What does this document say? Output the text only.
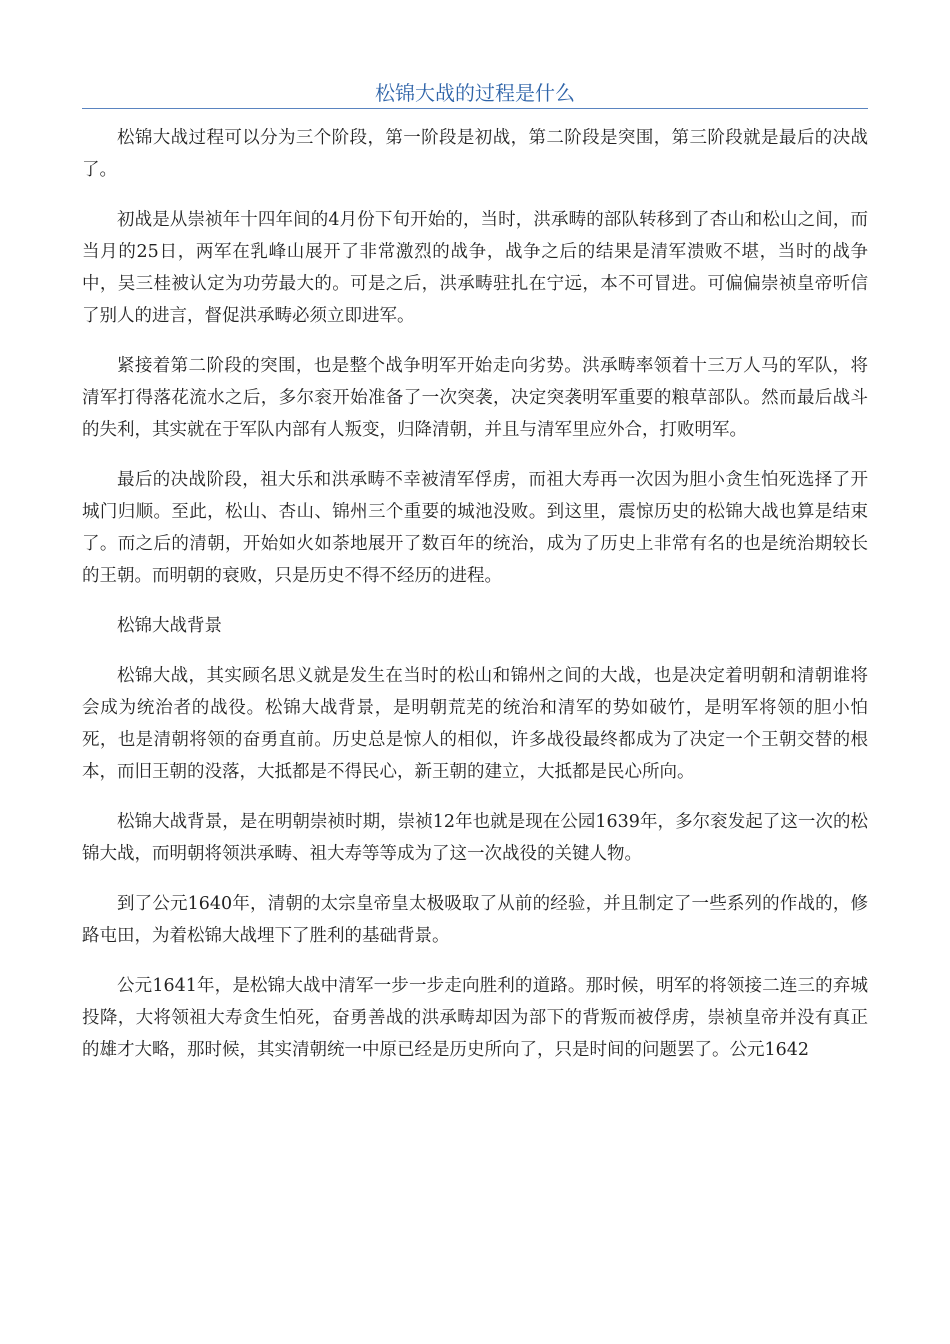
松锦大战的过程是什么

松锦大战过程可以分为三个阶段，第一阶段是初战，第二阶段是突围，第三阶段就是最后的决战了。

初战是从崇祯年十四年间的4月份下旬开始的，当时，洪承畴的部队转移到了杏山和松山之间，而当月的25日，两军在乳峰山展开了非常激烈的战争，战争之后的结果是清军溃败不堪，当时的战争中，吴三桂被认定为功劳最大的。可是之后，洪承畴驻扎在宁远，本不可冒进。可偏偏崇祯皇帝听信了别人的进言，督促洪承畴必须立即进军。

紧接着第二阶段的突围，也是整个战争明军开始走向劣势。洪承畴率领着十三万人马的军队，将清军打得落花流水之后，多尔衮开始准备了一次突袭，决定突袭明军重要的粮草部队。然而最后战斗的失利，其实就在于军队内部有人叛变，归降清朝，并且与清军里应外合，打败明军。

最后的决战阶段，祖大乐和洪承畴不幸被清军俘虏，而祖大寿再一次因为胆小贪生怕死选择了开城门归顺。至此，松山、杏山、锦州三个重要的城池没败。到这里，震惊历史的松锦大战也算是结束了。而之后的清朝，开始如火如荼地展开了数百年的统治，成为了历史上非常有名的也是统治期较长的王朝。而明朝的衰败，只是历史不得不经历的进程。

松锦大战背景

松锦大战，其实顾名思义就是发生在当时的松山和锦州之间的大战，也是决定着明朝和清朝谁将会成为统治者的战役。松锦大战背景，是明朝荒芜的统治和清军的势如破竹，是明军将领的胆小怕死，也是清朝将领的奋勇直前。历史总是惊人的相似，许多战役最终都成为了决定一个王朝交替的根本，而旧王朝的没落，大抵都是不得民心，新王朝的建立，大抵都是民心所向。

松锦大战背景，是在明朝崇祯时期，崇祯12年也就是现在公园1639年，多尔衮发起了这一次的松锦大战，而明朝将领洪承畴、祖大寿等等成为了这一次战役的关键人物。

到了公元1640年，清朝的太宗皇帝皇太极吸取了从前的经验，并且制定了一些系列的作战的，修路屯田，为着松锦大战埋下了胜利的基础背景。

公元1641年，是松锦大战中清军一步一步走向胜利的道路。那时候，明军的将领接二连三的弃城投降，大将领祖大寿贪生怕死，奋勇善战的洪承畴却因为部下的背叛而被俘虏，崇祯皇帝并没有真正的雄才大略，那时候，其实清朝统一中原已经是历史所向了，只是时间的问题罢了。公元1642
